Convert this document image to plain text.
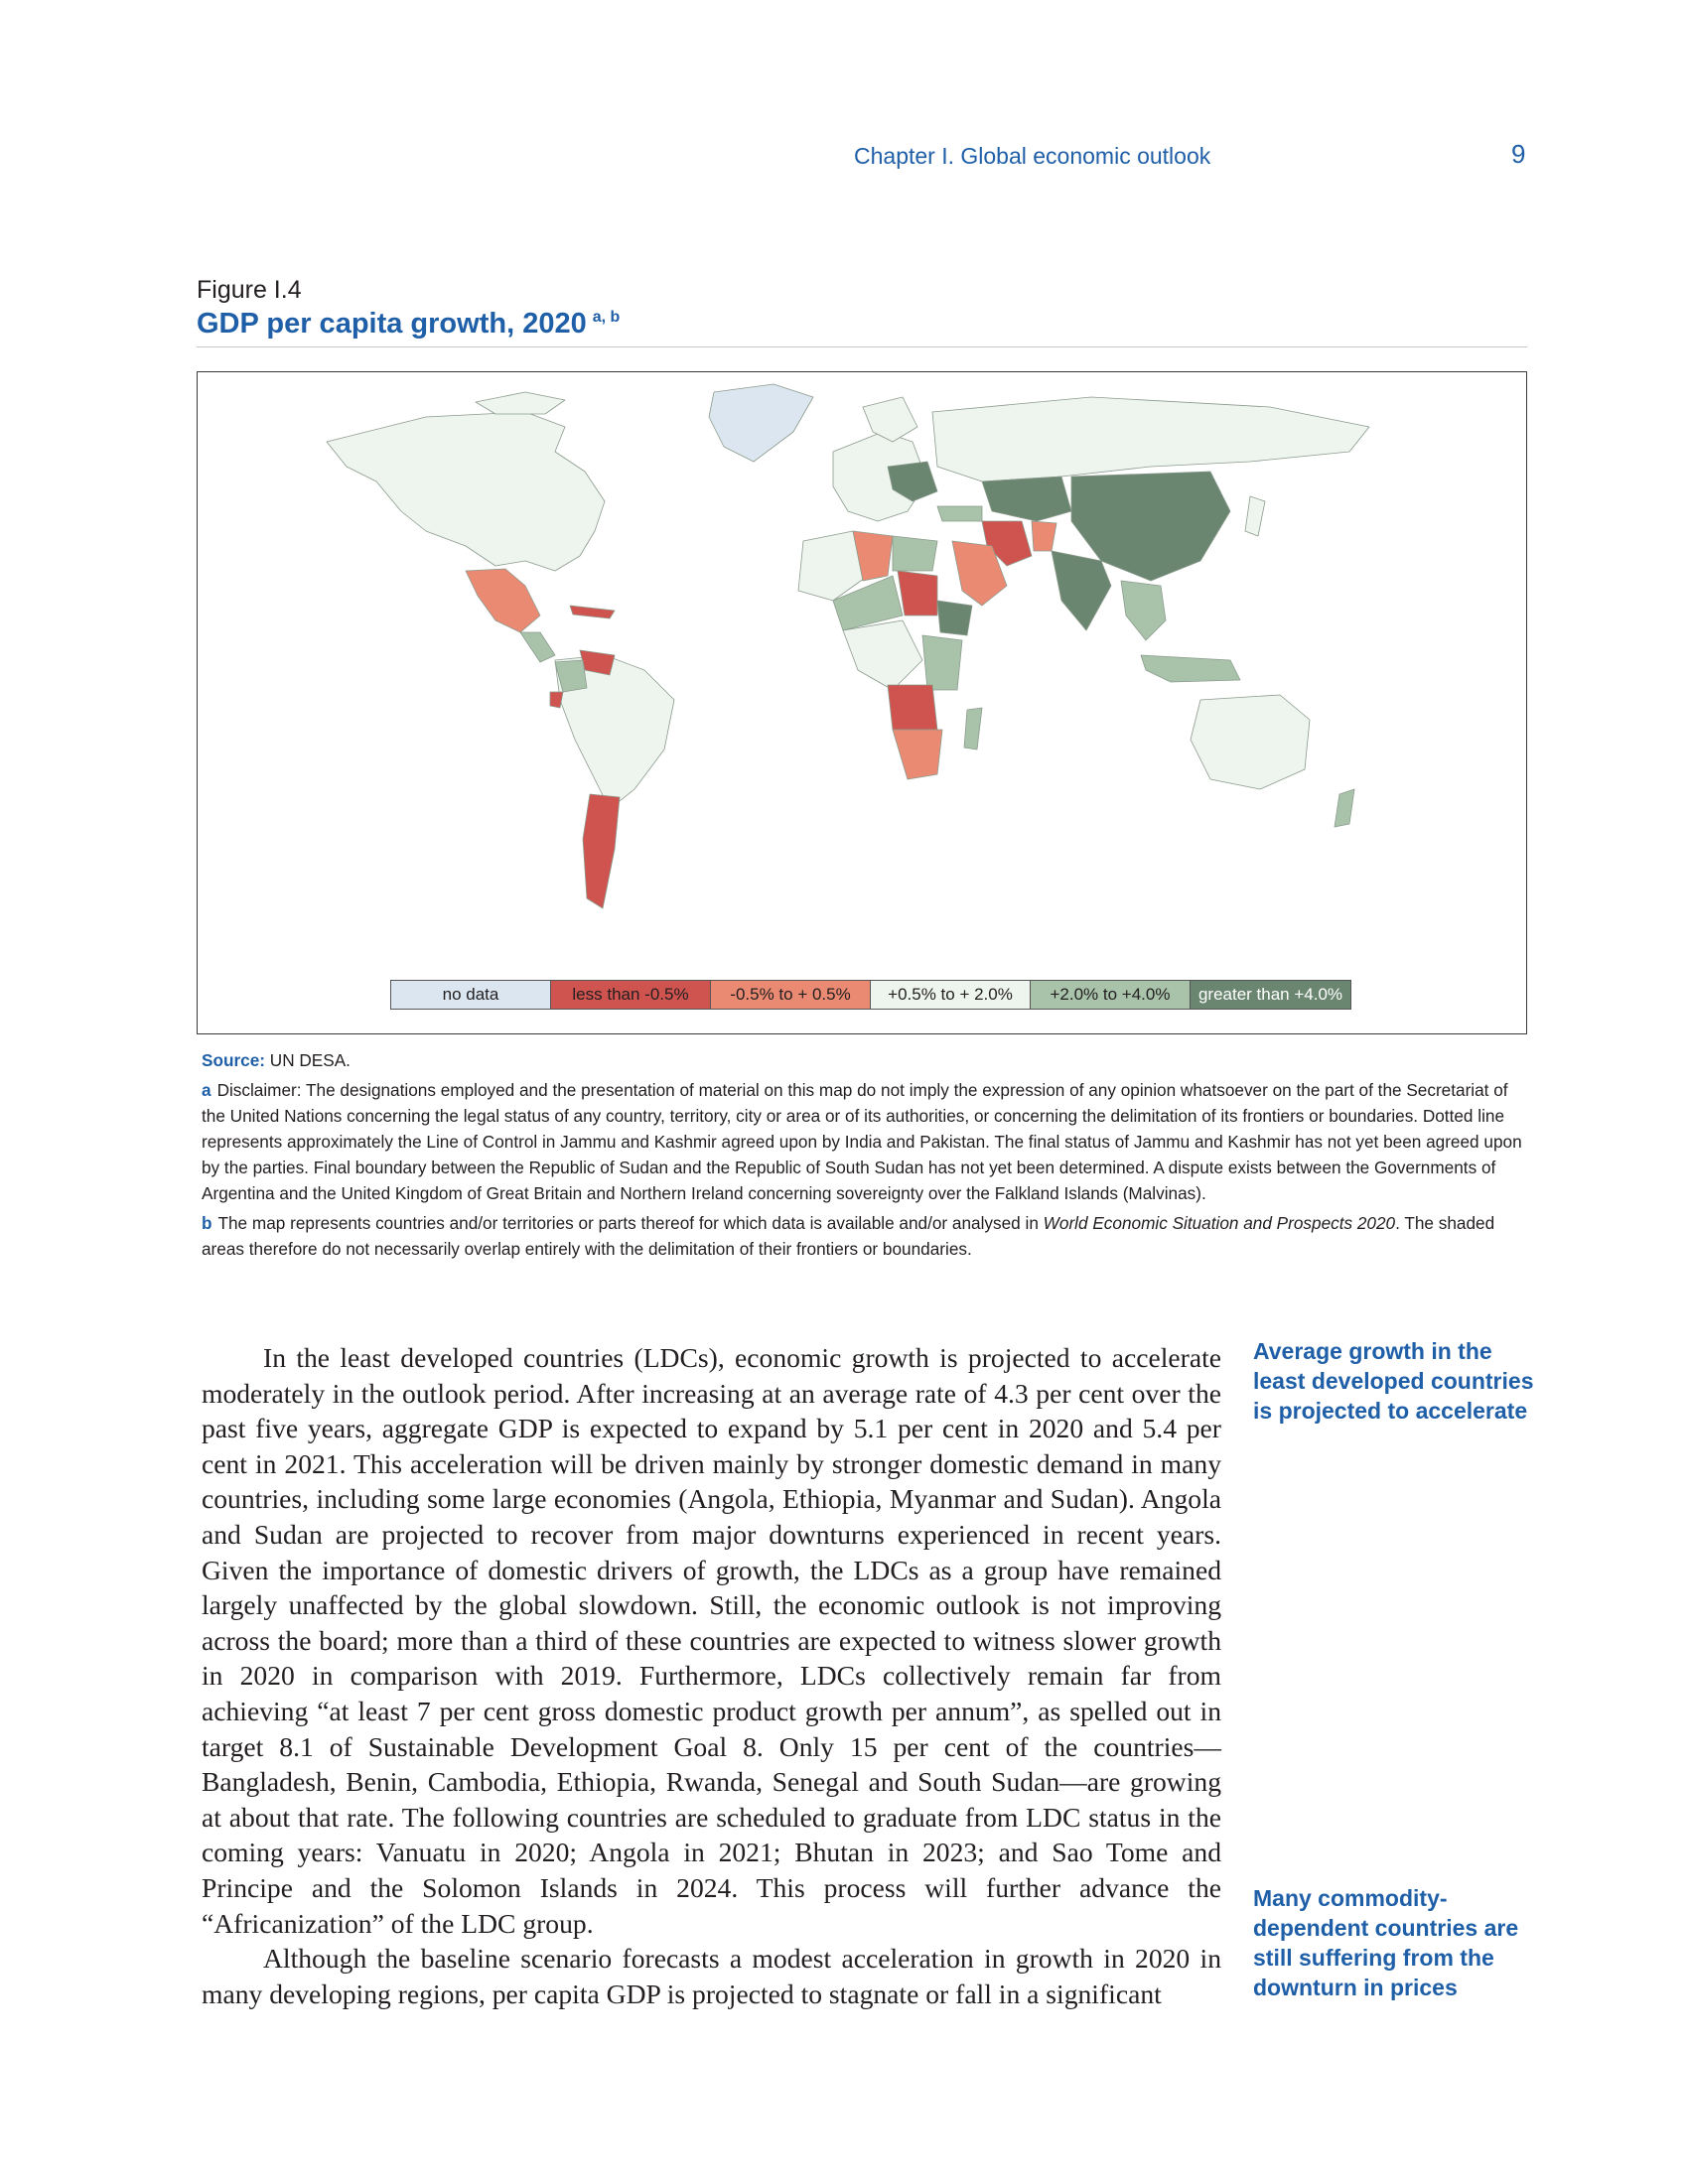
Chapter I. Global economic outlook	9
Figure I.4
GDP per capita growth, 2020 $^{a, b}$
no data	less than -0.5%	-0.5% to + 0.5%	+0.5% to + 2.0%	+2.0% to +4.0%	greater than +4.0%
Source: UN DESA.
a Disclaimer: The designations employed and the presentation of material on this map do not imply the expression of any opinion whatsoever on the part of the Secretariat of the United Nations concerning the legal status of any country, territory, city or area or of its authorities, or concerning the delimitation of its frontiers or boundaries. Dotted line represents approximately the Line of Control in Jammu and Kashmir agreed upon by India and Pakistan. The final status of Jammu and Kashmir has not yet been agreed upon by the parties. Final boundary between the Republic of Sudan and the Republic of South Sudan has not yet been determined. A dispute exists between the Governments of Argentina and the United Kingdom of Great Britain and Northern Ireland concerning sovereignty over the Falkland Islands (Malvinas).
b The map represents countries and/or territories or parts thereof for which data is available and/or analysed in World Economic Situation and Prospects 2020. The shaded areas therefore do not necessarily overlap entirely with the delimitation of their frontiers or boundaries.

In the least developed countries (LDCs), economic growth is projected to accelerate moderately in the outlook period. After increasing at an average rate of 4.3 per cent over the past five years, aggregate GDP is expected to expand by 5.1 per cent in 2020 and 5.4 per cent in 2021. This acceleration will be driven mainly by stronger domestic demand in many countries, including some large economies (Angola, Ethiopia, Myanmar and Sudan). Angola and Sudan are projected to recover from major downturns experienced in recent years. Given the importance of domestic drivers of growth, the LDCs as a group have remained largely unaffected by the global slowdown. Still, the economic outlook is not improving across the board; more than a third of these countries are expected to witness slower growth in 2020 in comparison with 2019. Furthermore, LDCs collectively remain far from achieving “at least 7 per cent gross domestic product growth per annum”, as spelled out in target 8.1 of Sustainable Development Goal 8. Only 15 per cent of the countries—Bangladesh, Benin, Cambodia, Ethiopia, Rwanda, Senegal and South Sudan—are growing at about that rate. The following countries are scheduled to graduate from LDC status in the coming years: Vanuatu in 2020; Angola in 2021; Bhutan in 2023; and Sao Tome and Principe and the Solomon Islands in 2024. This process will further advance the “Africanization” of the LDC group.

Although the baseline scenario forecasts a modest acceleration in growth in 2020 in many developing regions, per capita GDP is projected to stagnate or fall in a significant

Average growth in the least developed countries is projected to accelerate
Many commodity-dependent countries are still suffering from the downturn in prices
